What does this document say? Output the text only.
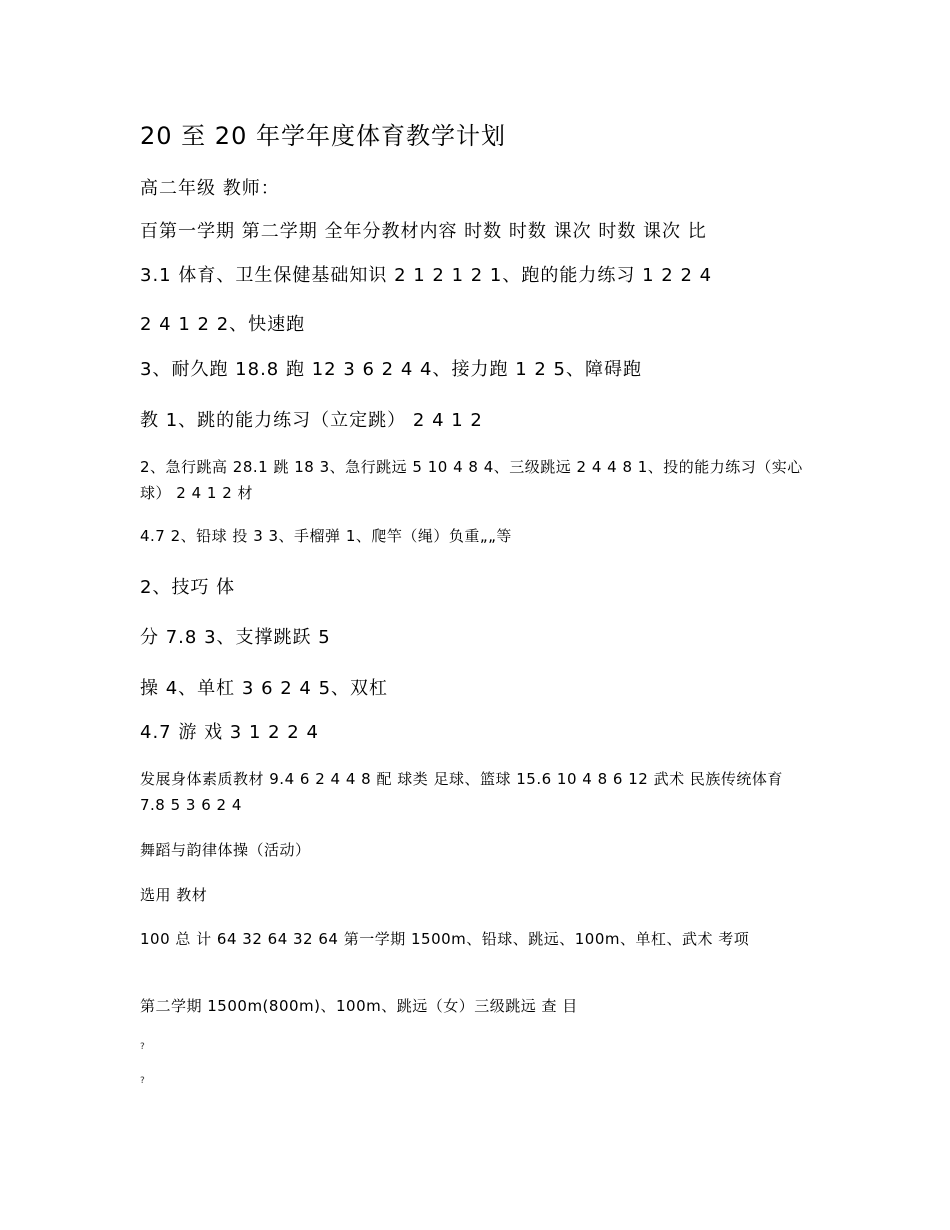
20 至 20 年学年度体育教学计划
高二年级 教师：
百第一学期 第二学期 全年分教材内容 时数 时数 课次 时数 课次 比
3.1 体育、卫生保健基础知识 2 1 2 1 2 1、跑的能力练习 1 2 2 4
2 4 1 2 2、快速跑
3、耐久跑 18.8 跑 12 3 6 2 4 4、接力跑 1 2 5、障碍跑
教 1、跳的能力练习（立定跳） 2 4 1 2
2、急行跳高 28.1 跳 18 3、急行跳远 5 10 4 8 4、三级跳远 2 4 4 8 1、投的能力练习（实心球） 2 4 1 2 材
4.7 2、铅球 投 3 3、手榴弹 1、爬竿（绳）负重„„等
2、技巧 体
分 7.8 3、支撑跳跃 5
操 4、单杠 3 6 2 4 5、双杠
4.7 游 戏 3 1 2 2 4
发展身体素质教材 9.4 6 2 4 4 8 配 球类 足球、篮球 15.6 10 4 8 6 12 武术 民族传统体育 7.8 5 3 6 2 4
舞蹈与韵律体操（活动）
选用 教材
100 总 计 64 32 64 32 64 第一学期 1500m、铅球、跳远、100m、单杠、武术 考项
第二学期 1500m(800m)、100m、跳远（女）三级跳远 查 目
?
?
